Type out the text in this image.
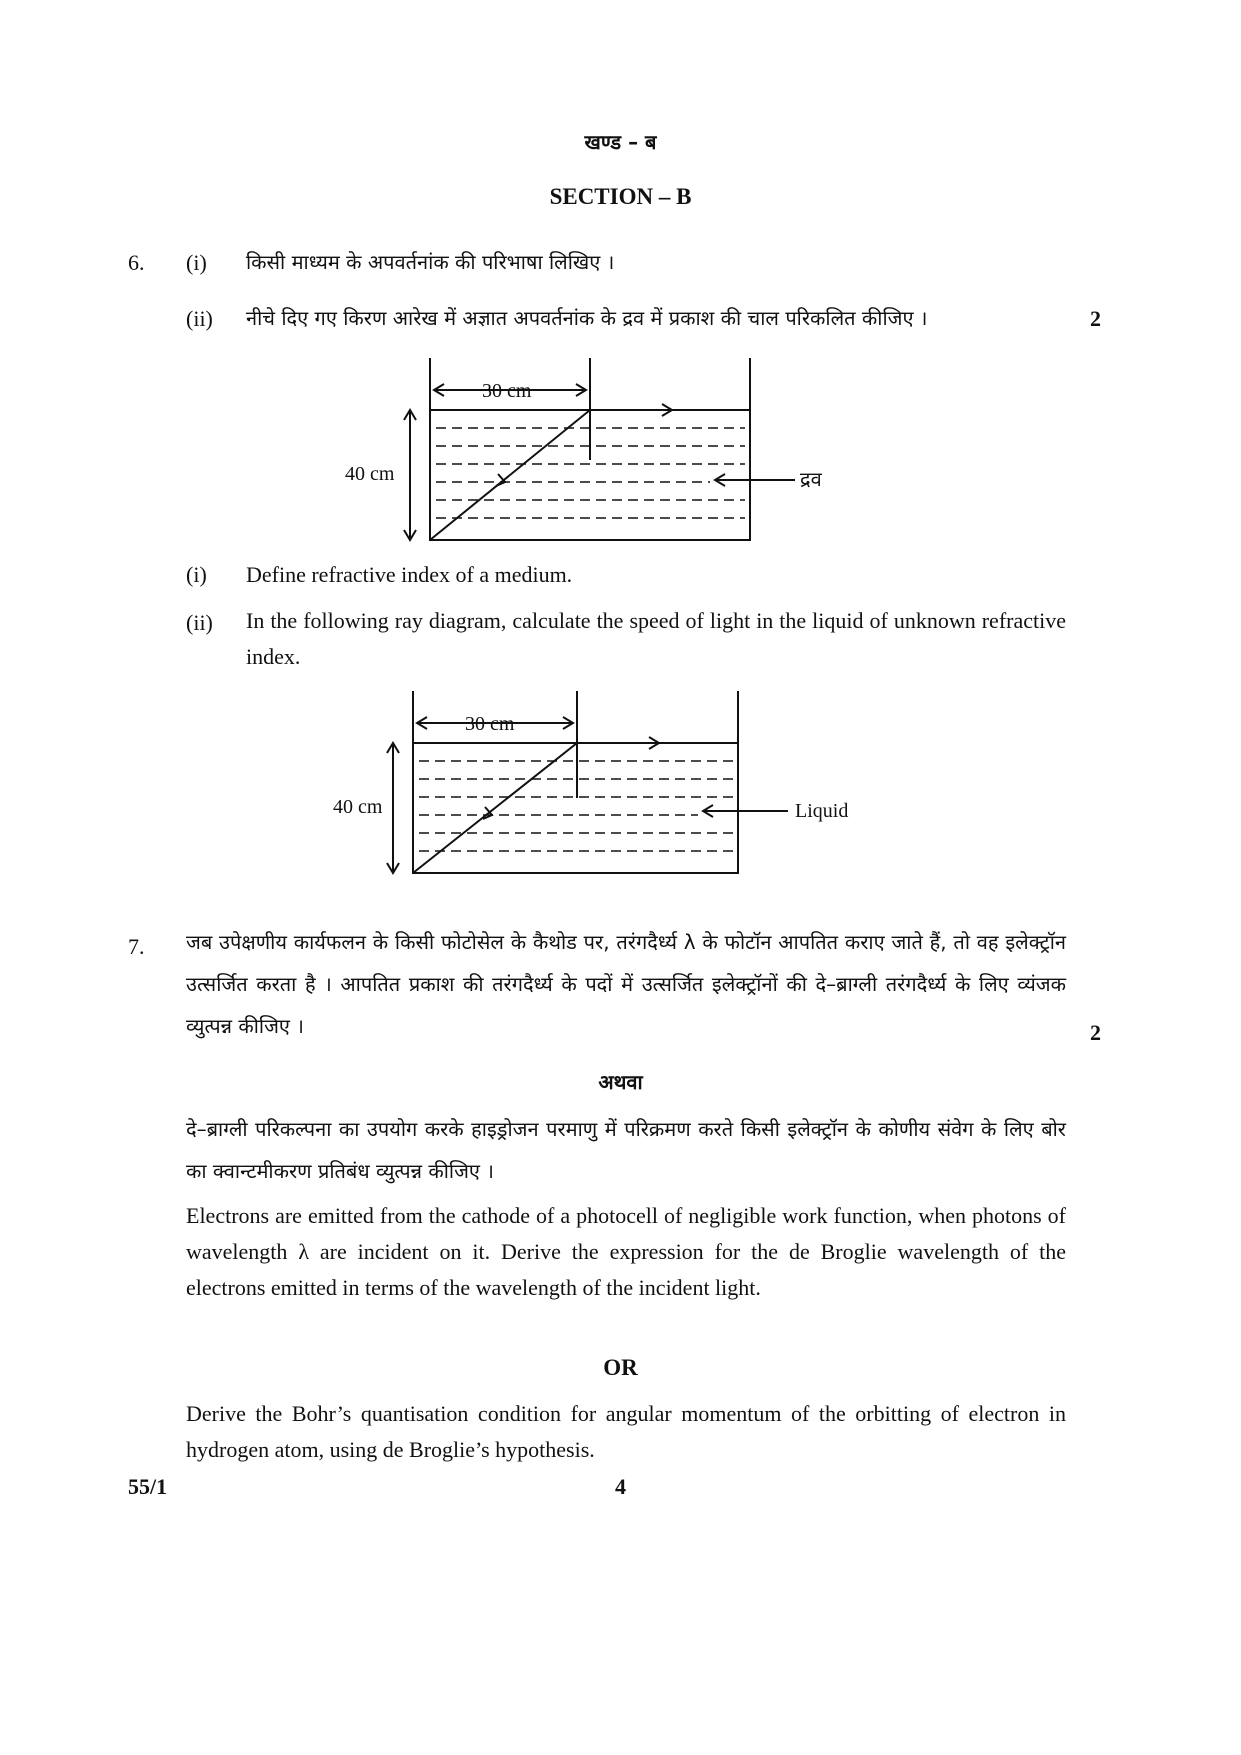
खण्ड – ब
SECTION – B
6. (i) किसी माध्यम के अपवर्तनांक की परिभाषा लिखिए ।
(ii) नीचे दिए गए किरण आरेख में अज्ञात अपवर्तनांक के द्रव में प्रकाश की चाल परिकलित कीजिए ।	2
30 cm
40 cm	द्रव
(i) Define refractive index of a medium.
(ii) In the following ray diagram, calculate the speed of light in the liquid of unknown refractive index.
30 cm
40 cm	Liquid
7. जब उपेक्षणीय कार्यफलन के किसी फोटोसेल के कैथोड पर, तरंगदैर्ध्य λ के फोटॉन आपतित कराए जाते हैं, तो वह इलेक्ट्रॉन उत्सर्जित करता है । आपतित प्रकाश की तरंगदैर्ध्य के पदों में उत्सर्जित इलेक्ट्रॉनों की दे–ब्राग्ली तरंगदैर्ध्य के लिए व्यंजक व्युत्पन्न कीजिए ।	2
अथवा
दे–ब्राग्ली परिकल्पना का उपयोग करके हाइड्रोजन परमाणु में परिक्रमण करते किसी इलेक्ट्रॉन के कोणीय संवेग के लिए बोर का क्वान्टमीकरण प्रतिबंध व्युत्पन्न कीजिए ।
Electrons are emitted from the cathode of a photocell of negligible work function, when photons of wavelength λ are incident on it. Derive the expression for the de Broglie wavelength of the electrons emitted in terms of the wavelength of the incident light.
OR
Derive the Bohr’s quantisation condition for angular momentum of the orbitting of electron in hydrogen atom, using de Broglie’s hypothesis.
55/1	4
